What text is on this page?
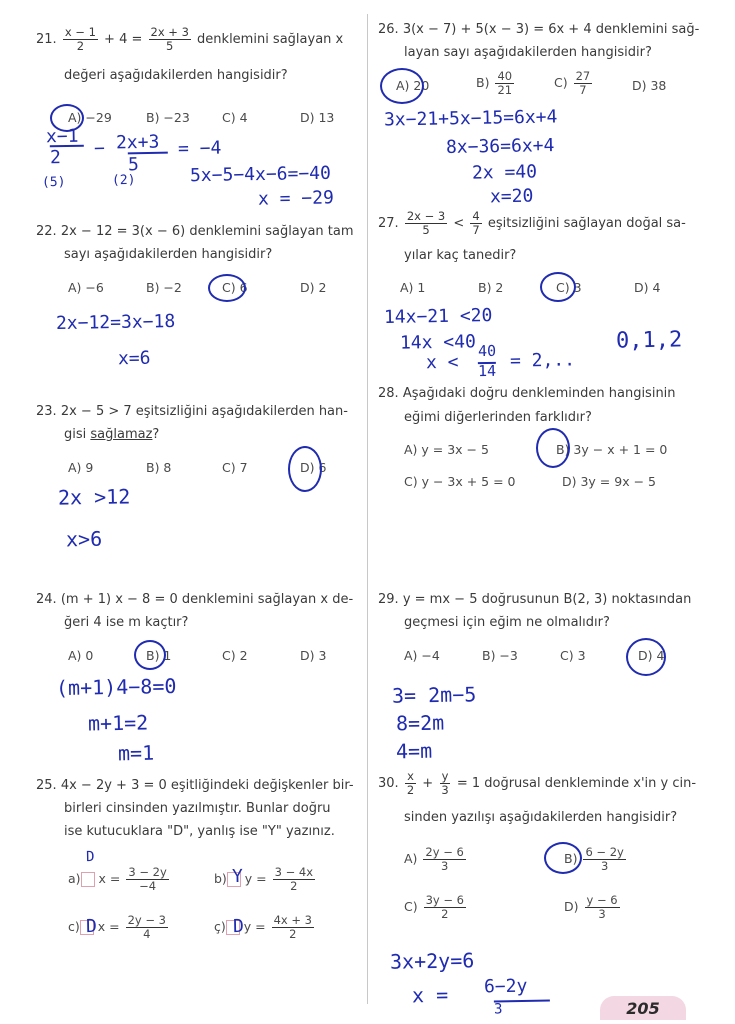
21. $\frac{x - 1}{2} + 4 = \frac{2x + 3}{5}$ denklemini sağlayan x
değeri aşağıdakilerden hangisidir?
A) −29	B) −23	C) 4	D) 13
x−1
2	− 2x+3
5
= −4
(5)	(2)	5x−5−4x−6=−40
x = −29
22. 2x − 12 = 3(x − 6) denklemini sağlayan tam
sayı aşağıdakilerden hangisidir?
A) −6	B) −2	C) 6	D) 2
2x−12=3x−18
x=6
23. 2x − 5 > 7 eşitsizliğini aşağıdakilerden han-
gisi sağlamaz?
A) 9	B) 8	C) 7	D) 6
2x >12
x>6
24. (m + 1) x − 8 = 0 denklemini sağlayan x de-
ğeri 4 ise m kaçtır?
A) 0	B) 1	C) 2	D) 3
(m+1)4−8=0
m+1=2
m=1
25. 4x − 2y + 3 = 0 eşitliğindeki değişkenler bir-
birleri cinsinden yazılmıştır. Bunlar doğru
ise kutucuklara "D", yanlış ise "Y" yazınız.
a) $x = \frac{3 - 2y}{-4}$
D
b) $y = \frac{3 - 4x}{2}$
Y
c) $x = \frac{2y - 3}{4}$
D	ç) $y = \frac{4x + 3}{2}$
D
26. 3(x − 7) + 5(x − 3) = 6x + 4 denklemini sağ-
layan sayı aşağıdakilerden hangisidir?
A) 20	$B) \frac{40}{21}$	$C) \frac{27}{7}$	D) 38
3x−21+5x−15=6x+4
8x−36=6x+4
2x =40
x=20
27. $\frac{2x - 3}{5} < \frac{4}{7}$ eşitsizliğini sağlayan doğal sa-
yılar kaç tanedir?
A) 1	B) 2	C) 3	D) 4
14x−21 <20
14x <40
x <
40
14 = 2,..
0,1,2
28. Aşağıdaki doğru denkleminden hangisinin
eğimi diğerlerinden farklıdır?
A) y = 3x − 5	B) 3y − x + 1 = 0
C) y − 3x + 5 = 0	D) 3y = 9x − 5
29. y = mx − 5 doğrusunun B(2, 3) noktasından
geçmesi için eğim ne olmalıdır?
A) −4	B) −3	C) 3	D) 4
3= 2m−5
8=2m
4=m
30. $\frac{x}{2} + \frac{y}{3} = 1$ doğrusal denkleminde x'in y cin-
sinden yazılışı aşağıdakilerden hangisidir?
$A) \frac{2y - 6}{3}$	$B) \frac{6 - 2y}{3}$
$C) \frac{3y - 6}{2}$	$D) \frac{y - 6}{3}$
3x+2y=6
x = 6−2y
3	205
